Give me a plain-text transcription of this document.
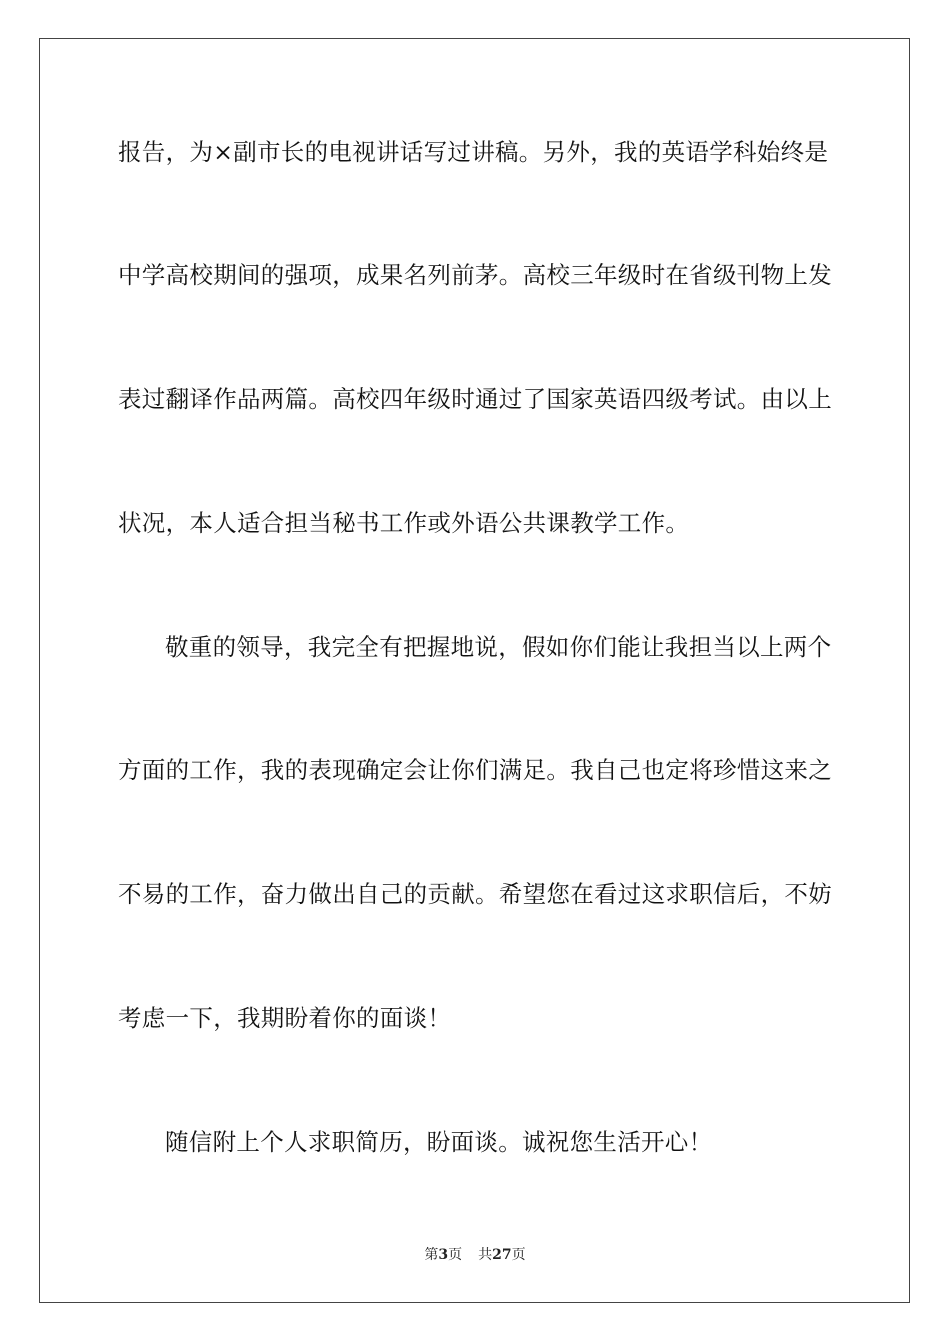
报告，为×副市长的电视讲话写过讲稿。另外，我的英语学科始终是
中学高校期间的强项，成果名列前茅。高校三年级时在省级刊物上发
表过翻译作品两篇。高校四年级时通过了国家英语四级考试。由以上
状况，本人适合担当秘书工作或外语公共课教学工作。
敬重的领导，我完全有把握地说，假如你们能让我担当以上两个
方面的工作，我的表现确定会让你们满足。我自己也定将珍惜这来之
不易的工作，奋力做出自己的贡献。希望您在看过这求职信后，不妨
考虑一下，我期盼着你的面谈！
随信附上个人求职简历，盼面谈。诚祝您生活开心！
第3页 共27页
